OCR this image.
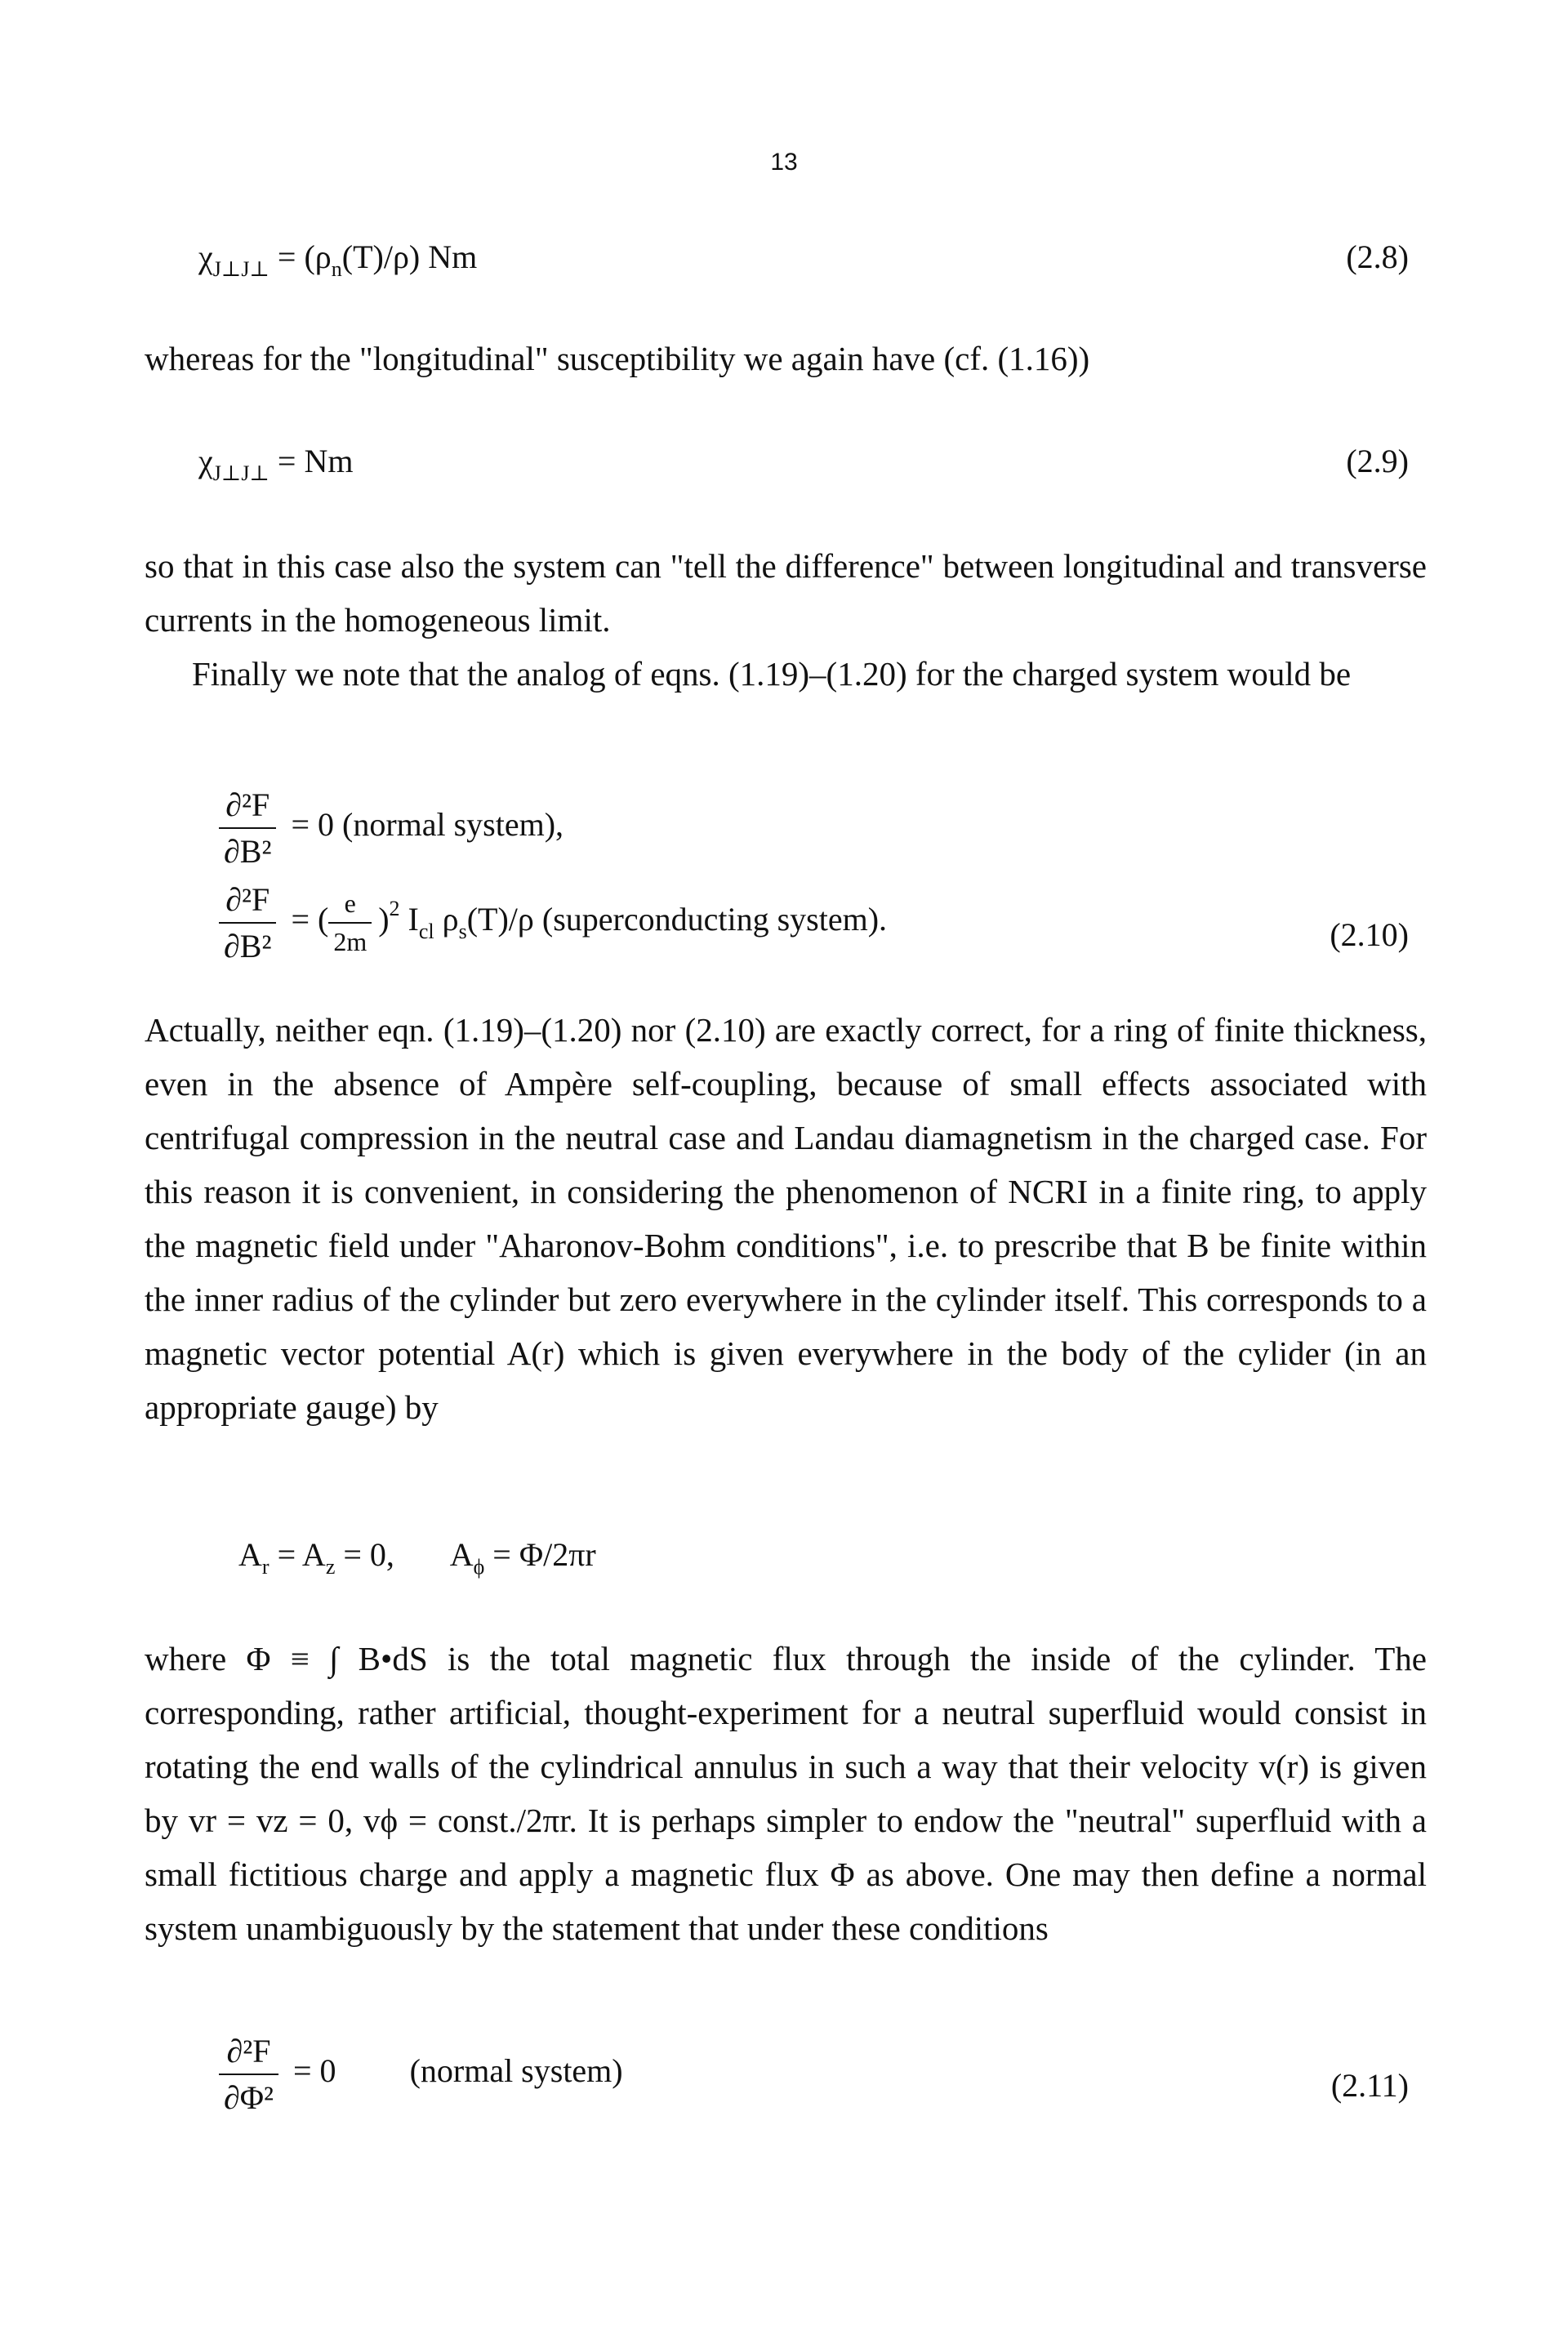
13
$\chi_{J\perp J\perp} = (\rho_n(T)/\rho)$ Nm	(2.8)

whereas for the "longitudinal" susceptibility we again have (cf. (1.16))

$\chi_{J\perp J\perp} = Nm$	(2.9)

so that in this case also the system can "tell the difference" between longitudinal and transverse currents in the homogeneous limit.

Finally we note that the analog of eqns. (1.19)–(1.20) for the charged system would be

$\frac{\text{∂²F}}{\text{∂B²}} = 0$ (normal system),
$\frac{\text{∂²F}}{\text{∂B²}}$ = ( $\frac{e}{2m} )^2$ $I_{cl}$ $\rho_s(T)/\rho$ (superconducting system).	(2.10)

Actually, neither eqn. (1.19)–(1.20) nor (2.10) are exactly correct, for a ring of finite thickness, even in the absence of Ampère self-coupling, because of small effects associated with centrifugal compression in the neutral case and Landau diamagnetism in the charged case. For this reason it is convenient, in considering the phenomenon of NCRI in a finite ring, to apply the magnetic field under "Aharonov-Bohm conditions", i.e. to prescribe that B be finite within the inner radius of the cylinder but zero everywhere in the cylinder itself. This corresponds to a magnetic vector potential A(r) which is given everywhere in the body of the cylider (in an appropriate gauge) by

$A_r = A_z = 0$,       $A_\phi = \Phi/2\pi r$

where Φ ≡ ∫ B•dS is the total magnetic flux through the inside of the cylinder. The corresponding, rather artificial, thought-experiment for a neutral superfluid would consist in rotating the end walls of the cylindrical annulus in such a way that their velocity v(r) is given by vr = vz = 0, vϕ = const./2πr. It is perhaps simpler to endow the "neutral" superfluid with a small fictitious charge and apply a magnetic flux Φ as above. One may then define a normal system unambiguously by the statement that under these conditions

$\frac{\text{∂²F}}{\text{∂Φ²}} = 0$ (normal system)	(2.11)
